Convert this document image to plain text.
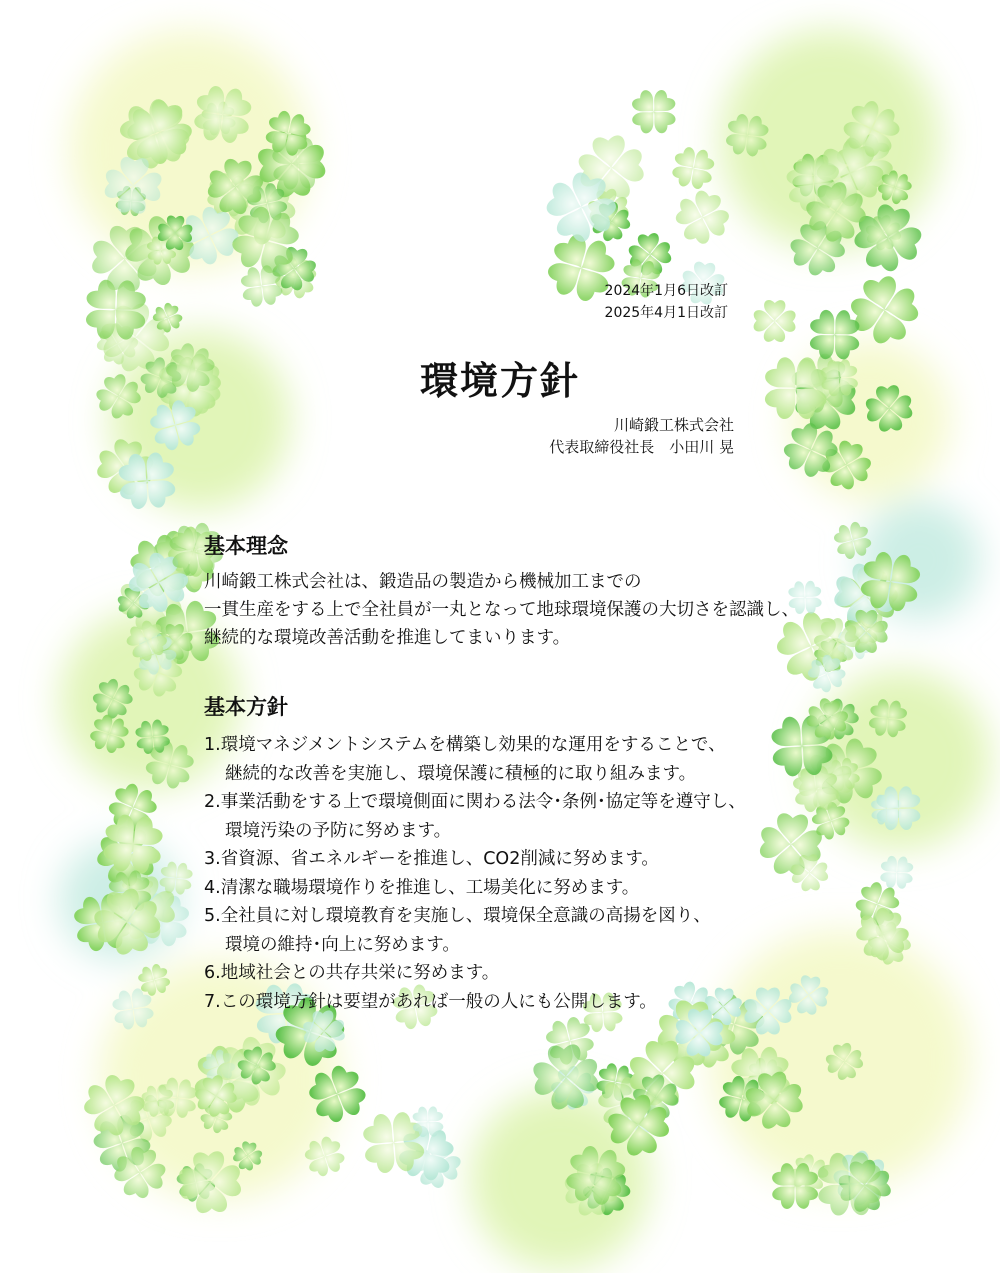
2024年1月6日改訂
2025年4月1日改訂
環境方針
川崎鍛工株式会社
代表取締役社長　小田川 晃
基本理念
川崎鍛工株式会社は、鍛造品の製造から機械加工までの
一貫生産をする上で全社員が一丸となって地球環境保護の大切さを認識し、
継続的な環境改善活動を推進してまいります。
基本方針
1.環境マネジメントシステムを構築し効果的な運用をすることで、
継続的な改善を実施し、環境保護に積極的に取り組みます。
2.事業活動をする上で環境側面に関わる法令･条例･協定等を遵守し、
環境汚染の予防に努めます。
3.省資源、省エネルギーを推進し、CO2削減に努めます。
4.清潔な職場環境作りを推進し、工場美化に努めます。
5.全社員に対し環境教育を実施し、環境保全意識の高揚を図り、
環境の維持･向上に努めます。
6.地域社会との共存共栄に努めます。
7.この環境方針は要望があれば一般の人にも公開します。
